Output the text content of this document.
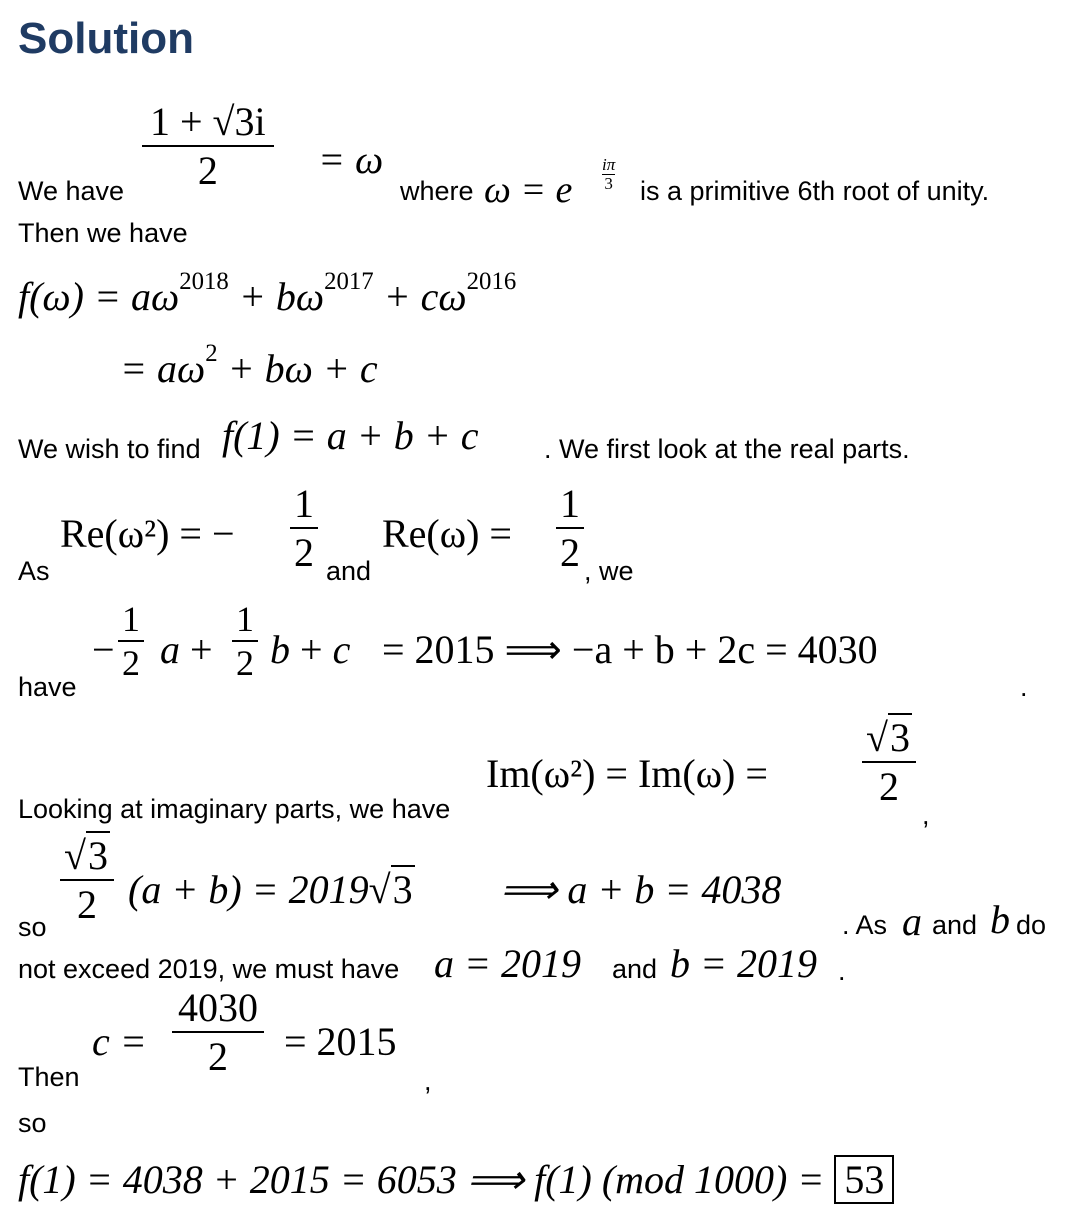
Solution
We have $\frac{1 + √3i}{2} = \omega$
where ω = e
iπ
3 is a primitive 6th root of unity.
Then we have
$f(\omega) = a\omega^{2018} + b\omega^{2017} + c\omega^{2016}$
= $a\omega^2 + b\omega + c$
We wish to find f(1) = a + b + c . We first look at the real parts.
As
Re(ω²) = − $\frac{1}{2}$ and
$Re(\omega) = \frac{1}{2}$ , we
have
− $\frac{1}{2}$ $a + \frac{1}{2}$ b + c = 2015 ⟹ −a + b + 2c = 4030
.
Looking at imaginary parts, we have
$Im(\omega^2) = Im(\omega) = \frac{√3}{2}$
,
so $\frac{√3}{2} (a + b) = 2019√3$ ⟹ a + b = 4038
. As a and b do
not exceed 2019, we must have a = 2019 and b = 2019 .
Then
$c = \frac{4030}{2} = 2015$
,
so
f(1) = 4038 + 2015 = 6053 ⟹ f(1) (mod 1000) = 53
